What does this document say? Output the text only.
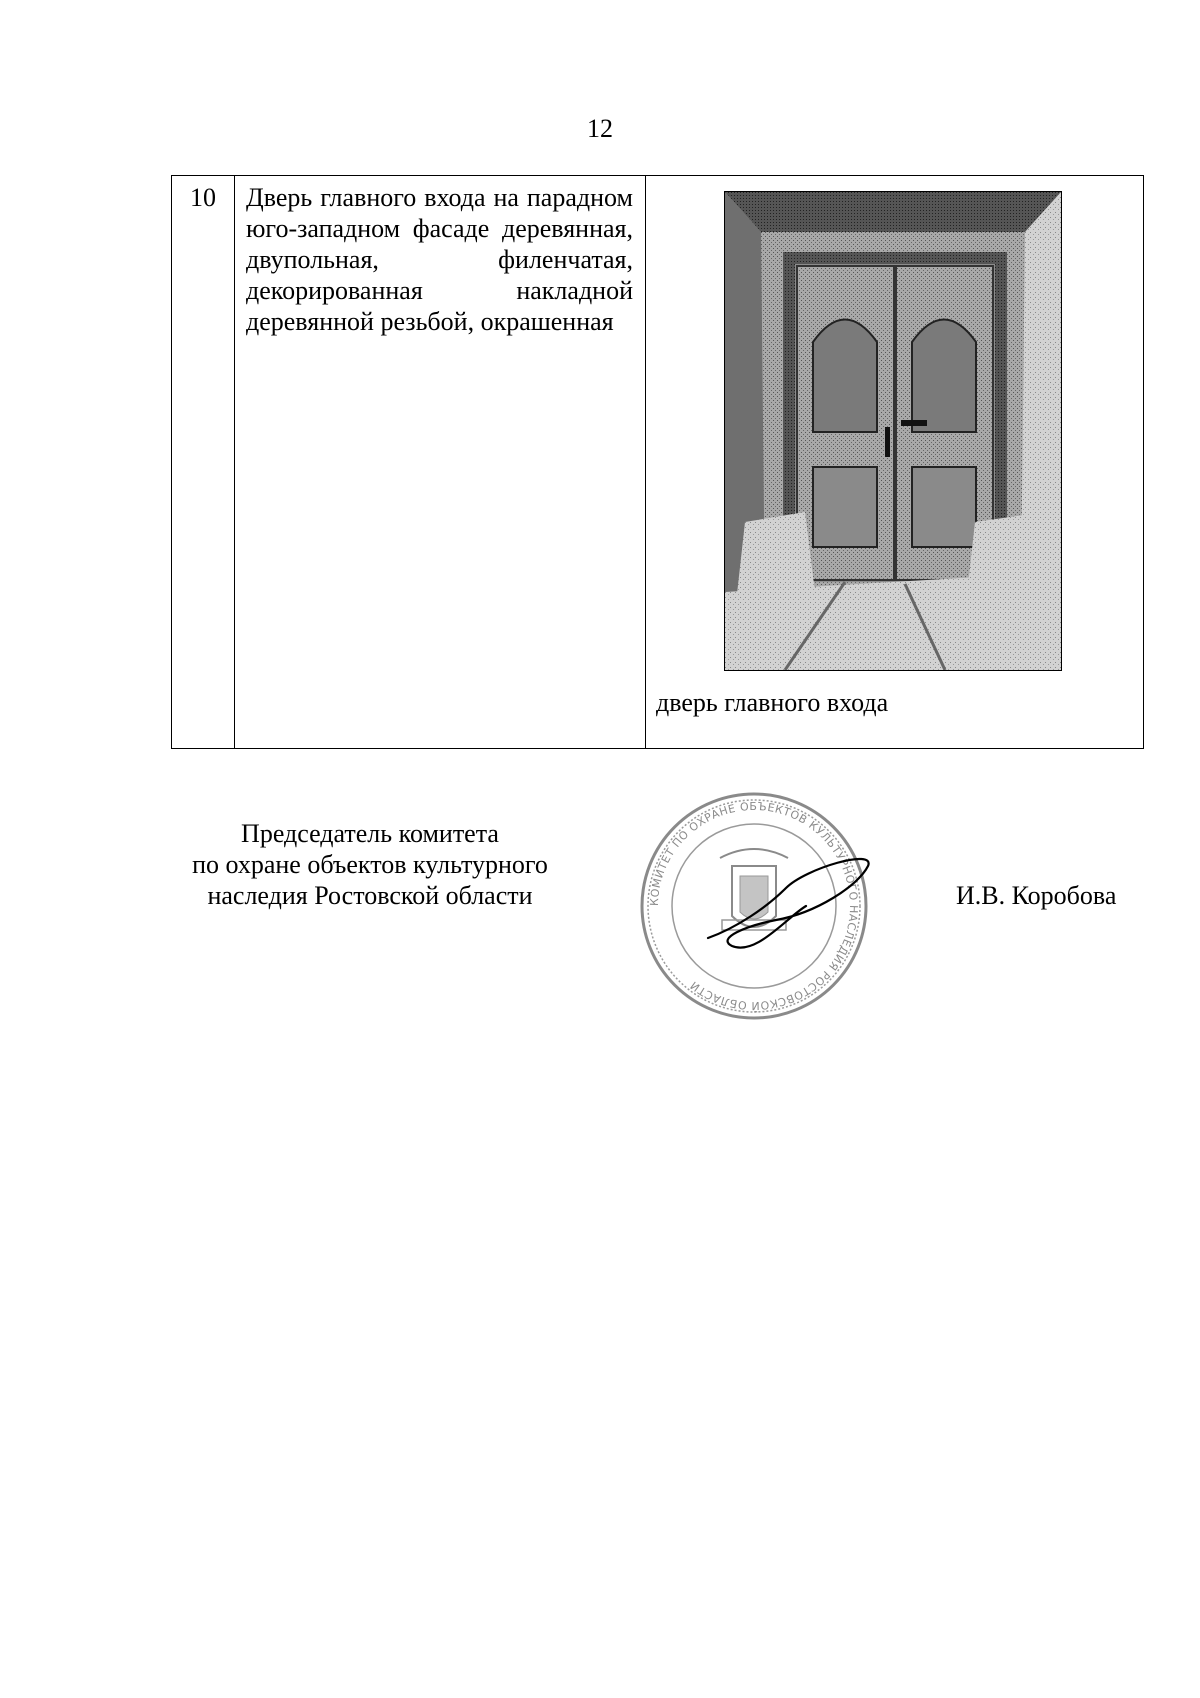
12
10	Дверь главного входа на парадном юго-западном фасаде деревянная, двупольная, филенчатая, декорированная накладной деревянной резьбой, окрашенная

дверь главного входа
Председатель комитета
по охране объектов культурного
наследия Ростовской области	КОМИТЕТ ПО ОХРАНЕ ОБЪЕКТОВ КУЛЬТУРНОГО НАСЛЕДИЯ РОСТОВСКОЙ ОБЛАСТИ
И.В. Коробова
